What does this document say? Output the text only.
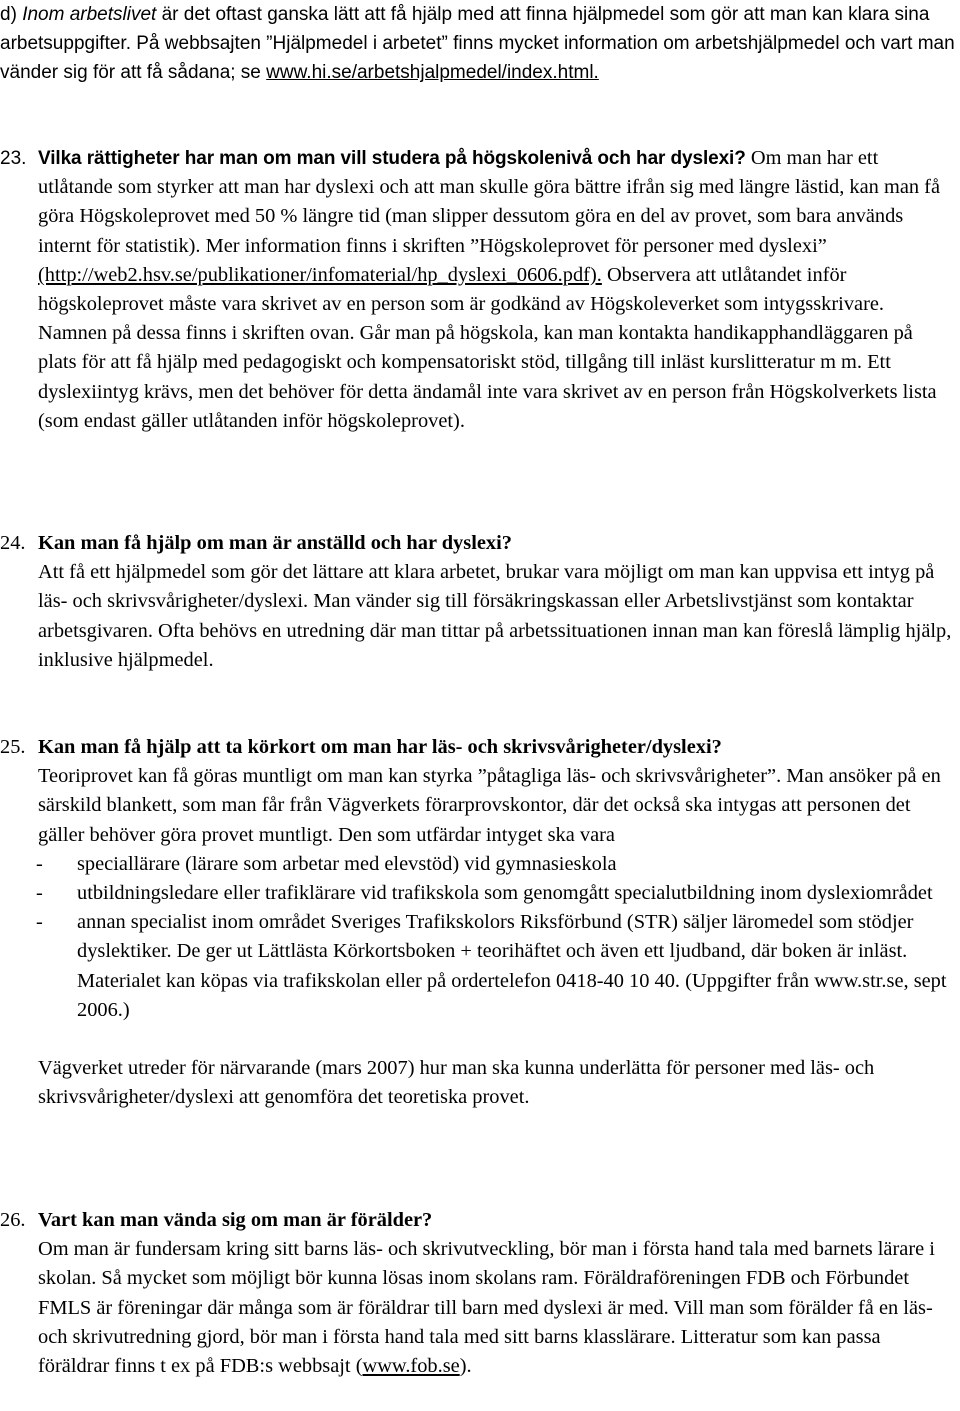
d) Inom arbetslivet är det oftast ganska lätt att få hjälp med att finna hjälpmedel som gör att man kan klara sina arbetsuppgifter. På webbsajten ”Hjälpmedel i arbetet” finns mycket information om arbetshjälpmedel och vart man vänder sig för att få sådana; se www.hi.se/arbetshjalpmedel/index.html.
23. Vilka rättigheter har man om man vill studera på högskolenivå och har dyslexi? Om man har ett utlåtande som styrker att man har dyslexi och att man skulle göra bättre ifrån sig med längre lästid, kan man få göra Högskoleprovet med 50 % längre tid (man slipper dessutom göra en del av provet, som bara används internt för statistik). Mer information finns i skriften ”Högskoleprovet för personer med dyslexi” (http://web2.hsv.se/publikationer/infomaterial/hp_dyslexi_0606.pdf). Observera att utlåtandet inför högskoleprovet måste vara skrivet av en person som är godkänd av Högskoleverket som intygsskrivare. Namnen på dessa finns i skriften ovan. Går man på högskola, kan man kontakta handikapphandläggaren på plats för att få hjälp med pedagogiskt och kompensatoriskt stöd, tillgång till inläst kurslitteratur m m. Ett dyslexiintyg krävs, men det behöver för detta ändamål inte vara skrivet av en person från Högskolverkets lista (som endast gäller utlåtanden inför högskoleprovet).
24. Kan man få hjälp om man är anställd och har dyslexi?

Att få ett hjälpmedel som gör det lättare att klara arbetet, brukar vara möjligt om man kan uppvisa ett intyg på läs- och skrivsvårigheter/dyslexi. Man vänder sig till försäkringskassan eller Arbetslivstjänst som kontaktar arbetsgivaren. Ofta behövs en utredning där man tittar på arbetssituationen innan man kan föreslå lämplig hjälp, inklusive hjälpmedel.

25. Kan man få hjälp att ta körkort om man har läs- och skrivsvårigheter/dyslexi?

Teoriprovet kan få göras muntligt om man kan styrka ”påtagliga läs- och skrivsvårigheter”. Man ansöker på en särskild blankett, som man får från Vägverkets förarprovskontor, där det också ska intygas att personen det gäller behöver göra provet muntligt. Den som utfärdar intyget ska vara

- speciallärare (lärare som arbetar med elevstöd) vid gymnasieskola
- utbildningsledare eller trafiklärare vid trafikskola som genomgått specialutbildning inom dyslexiområdet
- annan specialist inom området Sveriges Trafikskolors Riksförbund (STR) säljer läromedel som stödjer dyslektiker. De ger ut Lättlästa Körkortsboken + teorihäftet och även ett ljudband, där boken är inläst. Materialet kan köpas via trafikskolan eller på ordertelefon 0418-40 10 40. (Uppgifter från www.str.se, sept 2006.)

Vägverket utreder för närvarande (mars 2007) hur man ska kunna underlätta för personer med läs- och skrivsvårigheter/dyslexi att genomföra det teoretiska provet.

26. Vart kan man vända sig om man är förälder?

Om man är fundersam kring sitt barns läs- och skrivutveckling, bör man i första hand tala med barnets lärare i skolan. Så mycket som möjligt bör kunna lösas inom skolans ram. Föräldraföreningen FDB och Förbundet FMLS är föreningar där många som är föräldrar till barn med dyslexi är med. Vill man som förälder få en läs- och skrivutredning gjord, bör man i första hand tala med sitt barns klasslärare. Litteratur som kan passa föräldrar finns t ex på FDB:s webbsajt (www.fob.se).
